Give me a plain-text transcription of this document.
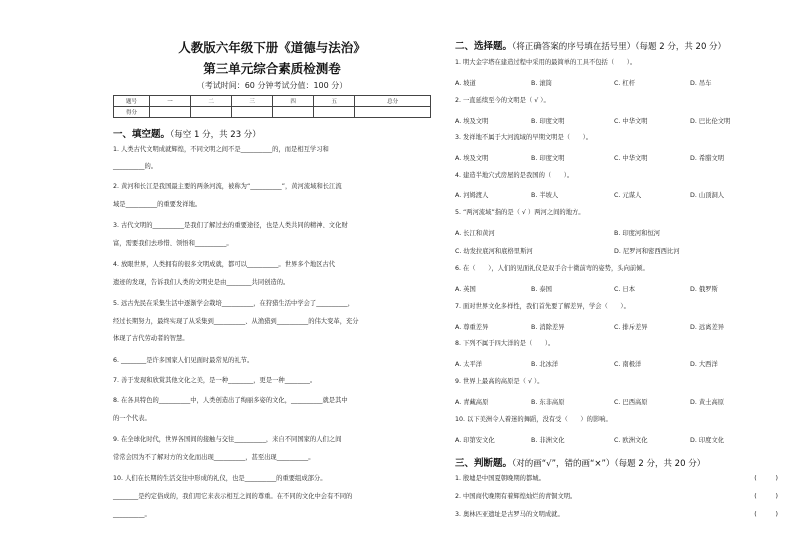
人教版六年级下册《道德与法治》
第三单元综合素质检测卷
（考试时间：60 分钟考试分值：100 分）
题号	一	二	三	四	五	总分
得分						
一、填空题。（每空 1 分，共 23 分）
1. 人类古代文明成就辉煌，不同文明之间不是__________的，而是相互学习和
__________的。
2. 黄河和长江是我国最主要的两条河流，被称为“__________”，黄河流域和长江流
域是__________的重要发祥地。
3. 古代文明的__________是我们了解过去的重要途径，也是人类共同的精神、文化财
富，需要我们去珍惜、领悟和__________。
4. 放眼世界，人类拥有的很多文明成就，都可以__________。世界多个地区古代
遗迹的发现，告诉我们人类的文明史是由________共同创造的。
5. 远古先民在采集生活中逐渐学会栽培__________，在狩猎生活中学会了__________，
经过长期努力，最终实现了从采集到__________、从渔猎到__________的伟大变革，充分
体现了古代劳动者的智慧。
6. ________是许多国家人们见面时最常见的礼节。
7. 善于发现和欣赏其他文化之美，是一种________，更是一种________。
8. 在各具特色的__________中，人类创造出了绚丽多姿的文化，__________就是其中
的一个代表。
9. 在全球化时代，世界各国间的接触与交往__________，来自不同国家的人们之间
常常会因为不了解对方的文化而出现__________，甚至出现__________。
10. 人们在长期的生活交往中形成的礼仪，也是__________的重要组成部分。
________是约定俗成的，我们用它来表示相互之间的尊重。在不同的文化中会有不同的
__________。
二、选择题。（将正确答案的序号填在括号里）（每题 2 分，共 20 分）
1. 明大金字塔在建造过程中采用的最简单的工具不包括（　　）。
A. 坡道	B. 滚筒	C. 杠杆	D. 吊车
2. 一直延续至今的文明是（ √ ）。
A. 埃及文明	B. 印度文明	C. 中华文明	D. 巴比伦文明
3. 发祥地不属于大河流域的早期文明是（　　）。
A. 埃及文明	B. 印度文明	C. 中华文明	D. 希腊文明
4. 建造半地穴式房屋的是我国的（　　）。
A. 河姆渡人	B. 半坡人	C. 元谋人	D. 山顶洞人
5. “两河流域”指的是（ √ ）两河之间的地方。
A. 长江和黄河	B. 印度河和恒河
C. 幼发拉底河和底格里斯河	D. 尼罗河和密西西比河
6. 在（　　），人们的见面礼仪是双手合十微前弯的姿势，头向前倾。
A. 英国	B. 泰国	C. 日本	D. 俄罗斯
7. 面对世界文化多样性，我们首先要了解差异，学会（　　）。
A. 尊重差异	B. 消除差异	C. 排斥差异	D. 远离差异
8. 下列不属于四大洋的是（　　）。
A. 太平洋	B. 北冰洋	C. 南极洋	D. 大西洋
9. 世界上最高的高原是（ √ ）。
A. 青藏高原	B. 东非高原	C. 巴西高原	D. 黄土高原
10. 以下美洲令人着迷的舞蹈，没有受（　　）的影响。
A. 印第安文化	B. 非洲文化	C. 欧洲文化	D. 印度文化
三、判断题。（对的画“√”，错的画“×”）（每题 2 分，共 20 分）
1. 殷墟是中国夏朝晚期的都城。	(　　　)
2. 中国商代晚期有着辉煌灿烂的青铜文明。	(　　　)
3. 奥林匹亚遗址是古罗马的文明成就。	(　　　)
